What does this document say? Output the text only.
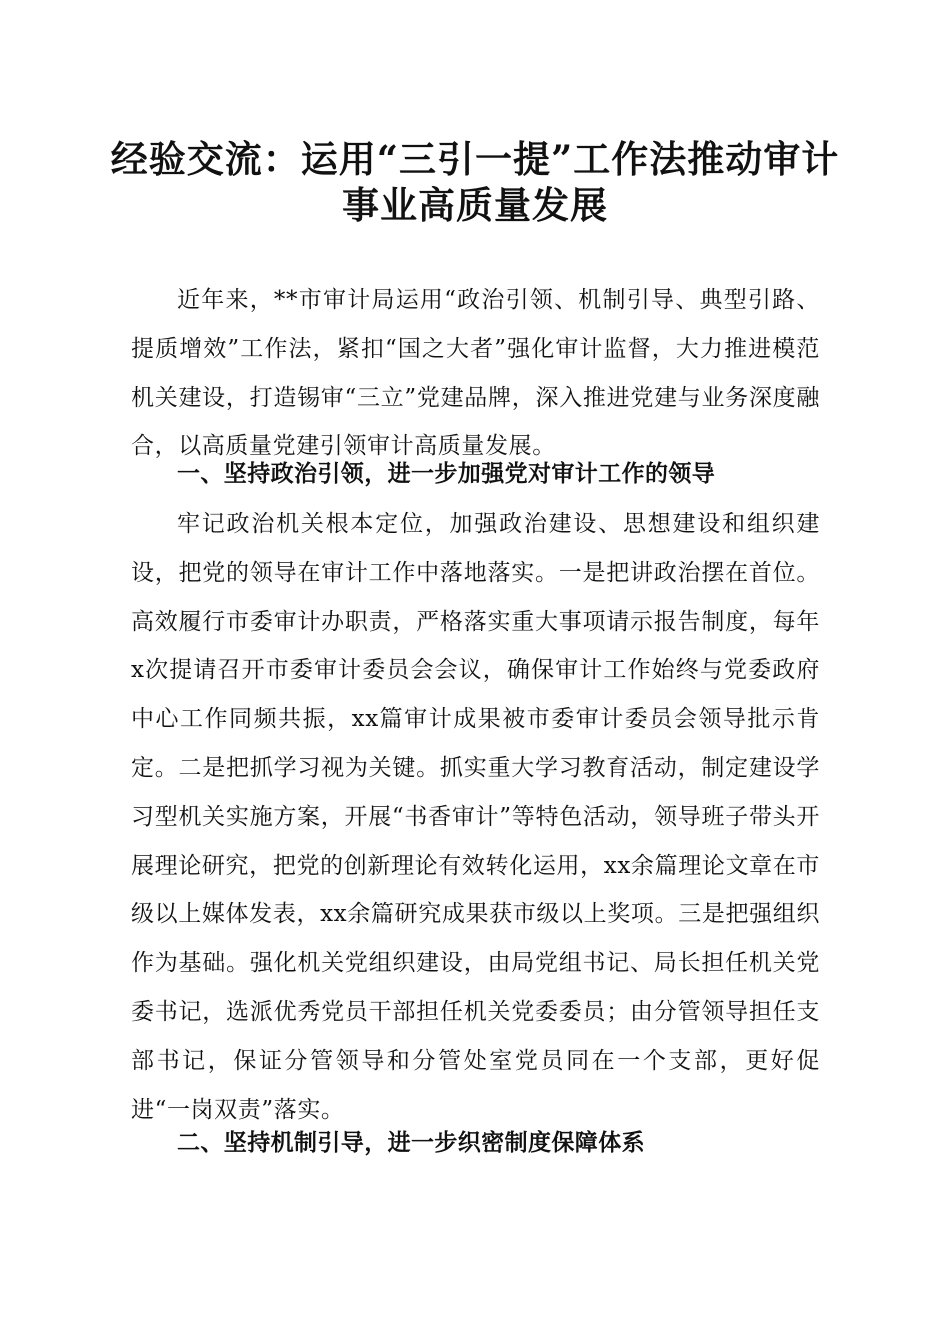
经验交流：运用“三引一提”工作法推动审计
事业高质量发展

近年来，**市审计局运用“政治引领、机制引导、典型引路、提质增效”工作法，紧扣“国之大者”强化审计监督，大力推进模范机关建设，打造锡审“三立”党建品牌，深入推进党建与业务深度融合，以高质量党建引领审计高质量发展。

一、坚持政治引领，进一步加强党对审计工作的领导

牢记政治机关根本定位，加强政治建设、思想建设和组织建设，把党的领导在审计工作中落地落实。一是把讲政治摆在首位。高效履行市委审计办职责，严格落实重大事项请示报告制度，每年x次提请召开市委审计委员会会议，确保审计工作始终与党委政府中心工作同频共振，xx篇审计成果被市委审计委员会领导批示肯定。二是把抓学习视为关键。抓实重大学习教育活动，制定建设学习型机关实施方案，开展“书香审计”等特色活动，领导班子带头开展理论研究，把党的创新理论有效转化运用，xx余篇理论文章在市级以上媒体发表，xx余篇研究成果获市级以上奖项。三是把强组织作为基础。强化机关党组织建设，由局党组书记、局长担任机关党委书记，选派优秀党员干部担任机关党委委员；由分管领导担任支部书记，保证分管领导和分管处室党员同在一个支部，更好促进“一岗双责”落实。

二、坚持机制引导，进一步织密制度保障体系
